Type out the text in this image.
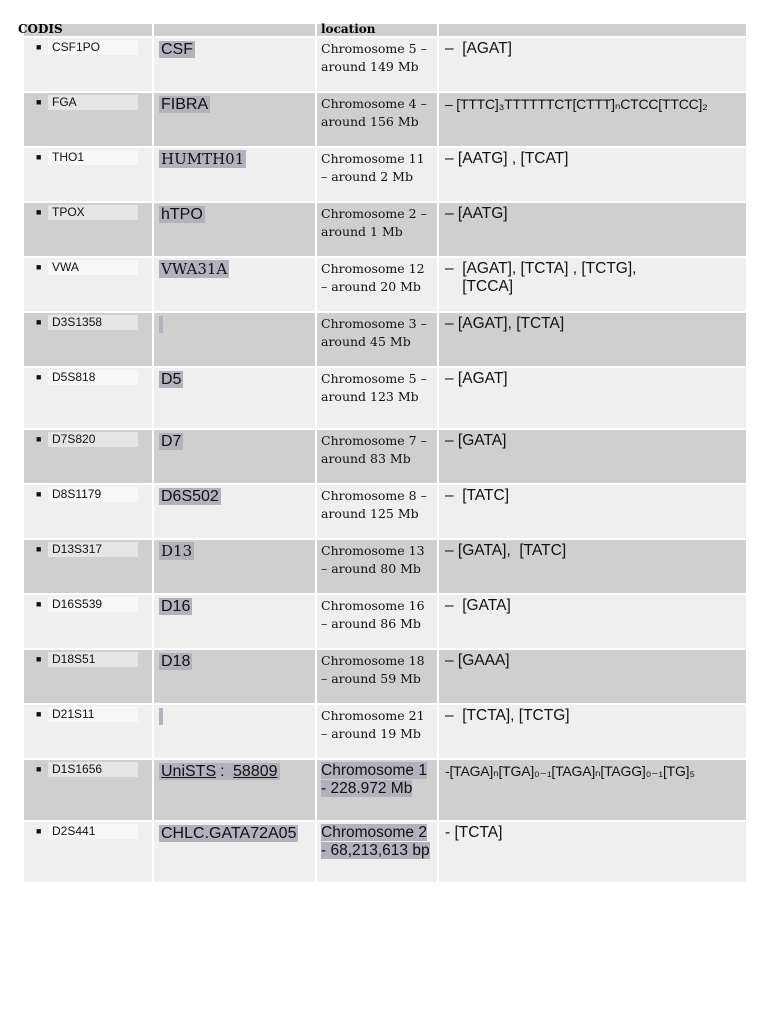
CODIS		location	

■ CSF1PO	CSF	Chromosome 5 – around 149 Mb	–  [AGAT]

■ FGA	FIBRA	Chromosome 4 – around 156 Mb	– [TTTC]₃TTTTTTCT[CTTT]ₙCTCC[TTCC]₂

■ THO1	HUMTH01	Chromosome 11 – around 2 Mb	– [AATG] , [TCAT]

■ TPOX	hTPO	Chromosome 2 – around 1 Mb	– [AATG]

■ VWA	VWA31A	Chromosome 12 – around 20 Mb	–  [AGAT], [TCTA] , [TCTG],
[TCCA]

■ D3S1358		Chromosome 3 – around 45 Mb	– [AGAT], [TCTA]

■ D5S818	D5	Chromosome 5 – around 123 Mb	– [AGAT]

■ D7S820	D7	Chromosome 7 – around 83 Mb	– [GATA]

■ D8S1179	D6S502	Chromosome 8 – around 125 Mb	–  [TATC]

■ D13S317	D13	Chromosome 13 – around 80 Mb	– [GATA],  [TATC]

■ D16S539	D16	Chromosome 16 – around 86 Mb	–  [GATA]

■ D18S51	D18	Chromosome 18 – around 59 Mb	– [GAAA]

■ D21S11		Chromosome 21 – around 19 Mb	–  [TCTA], [TCTG]

■ D1S1656	UniSTS : 58809	Chromosome 1 - 228.972 Mb	-[TAGA]ₙ[TGA]₀₋₁[TAGA]ₙ[TAGG]₀₋₁[TG]₅

■ D2S441	CHLC.GATA72A05	Chromosome 2 - 68,213,613 bp	- [TCTA]
